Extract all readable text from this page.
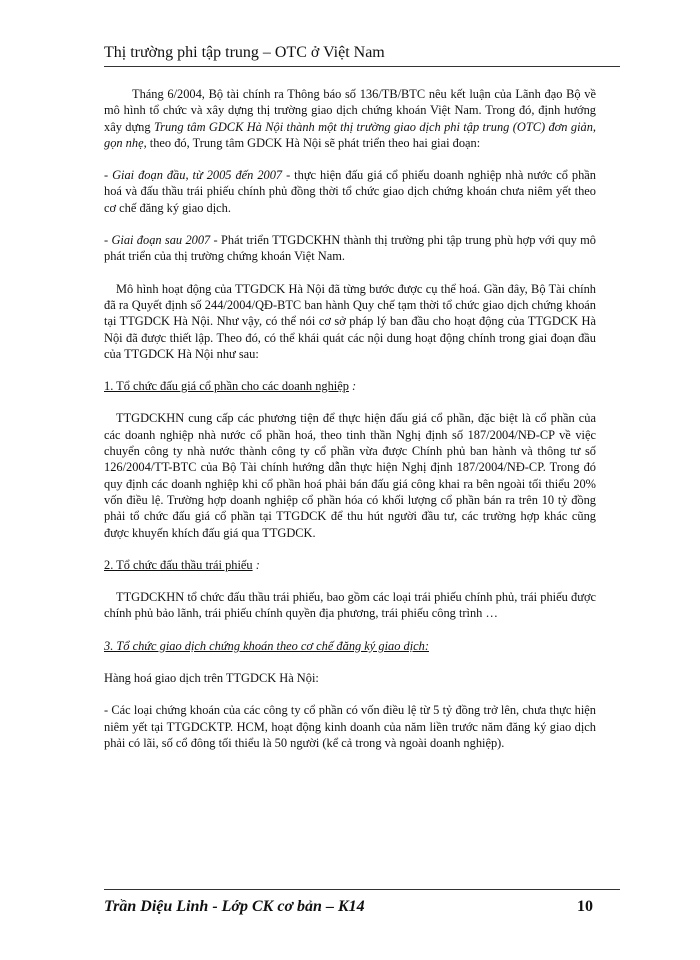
Thị trường phi tập trung – OTC ở Việt Nam

Tháng 6/2004, Bộ tài chính ra Thông báo số 136/TB/BTC nêu kết luận của Lãnh đạo Bộ về mô hình tổ chức và xây dựng thị trường giao dịch chứng khoán Việt Nam. Trong đó, định hướng xây dựng Trung tâm GDCK Hà Nội thành một thị trường giao dịch phi tập trung (OTC) đơn giản, gọn nhẹ, theo đó, Trung tâm GDCK Hà Nội sẽ phát triển theo hai giai đoạn:

- Giai đoạn đầu, từ 2005 đến 2007 - thực hiện đấu giá cổ phiếu doanh nghiệp nhà nước cổ phần hoá và đấu thầu trái phiếu chính phủ đồng thời tổ chức giao dịch chứng khoán chưa niêm yết theo cơ chế đăng ký giao dịch.

- Giai đoạn sau 2007 - Phát triển TTGDCKHN thành thị trường phi tập trung phù hợp với quy mô phát triển của thị trường chứng khoán Việt Nam.

Mô hình hoạt động của TTGDCK Hà Nội đã từng bước được cụ thể hoá. Gần đây, Bộ Tài chính đã ra Quyết định số 244/2004/QĐ-BTC ban hành Quy chế tạm thời tổ chức giao dịch chứng khoán tại TTGDCK Hà Nội. Như vậy, có thể nói cơ sở pháp lý ban đầu cho hoạt động của TTGDCK Hà Nội đã được thiết lập. Theo đó, có thể khái quát các nội dung hoạt động chính trong giai đoạn đầu của TTGDCK Hà Nội như sau:

1. Tổ chức đấu giá cổ phần cho các doanh nghiệp :

TTGDCKHN cung cấp các phương tiện để thực hiện đấu giá cổ phần, đặc biệt là cổ phần của các doanh nghiệp nhà nước cổ phần hoá, theo tinh thần Nghị định số 187/2004/NĐ-CP về việc chuyển công ty nhà nước thành công ty cổ phần vừa được Chính phủ ban hành và thông tư số 126/2004/TT-BTC của Bộ Tài chính hướng dẫn thực hiện Nghị định 187/2004/NĐ-CP. Trong đó quy định các doanh nghiệp khi cổ phần hoá phải bán đấu giá công khai ra bên ngoài tối thiểu 20% vốn điều lệ. Trường hợp doanh nghiệp cổ phần hóa có khối lượng cổ phần bán ra trên 10 tỷ đồng phải tổ chức đấu giá cổ phần tại TTGDCK để thu hút người đầu tư, các trường hợp khác cũng được khuyến khích đấu giá qua TTGDCK.

2. Tổ chức đấu thầu trái phiếu :

TTGDCKHN tổ chức đấu thầu trái phiếu, bao gồm các loại trái phiếu chính phủ, trái phiếu được chính phủ bảo lãnh, trái phiếu chính quyền địa phương, trái phiếu công trình …

3. Tổ chức giao dịch chứng khoán theo cơ chế đăng ký giao dịch:

Hàng hoá giao dịch trên TTGDCK Hà Nội:

- Các loại chứng khoán của các công ty cổ phần có vốn điều lệ từ 5 tỷ đồng trở lên, chưa thực hiện niêm yết tại TTGDCKTP. HCM, hoạt động kinh doanh của năm liền trước năm đăng ký giao dịch phải có lãi, số cổ đông tối thiểu là 50 người (kể cả trong và ngoài doanh nghiệp).

Trần Diệu Linh - Lớp CK cơ bản – K14	10
